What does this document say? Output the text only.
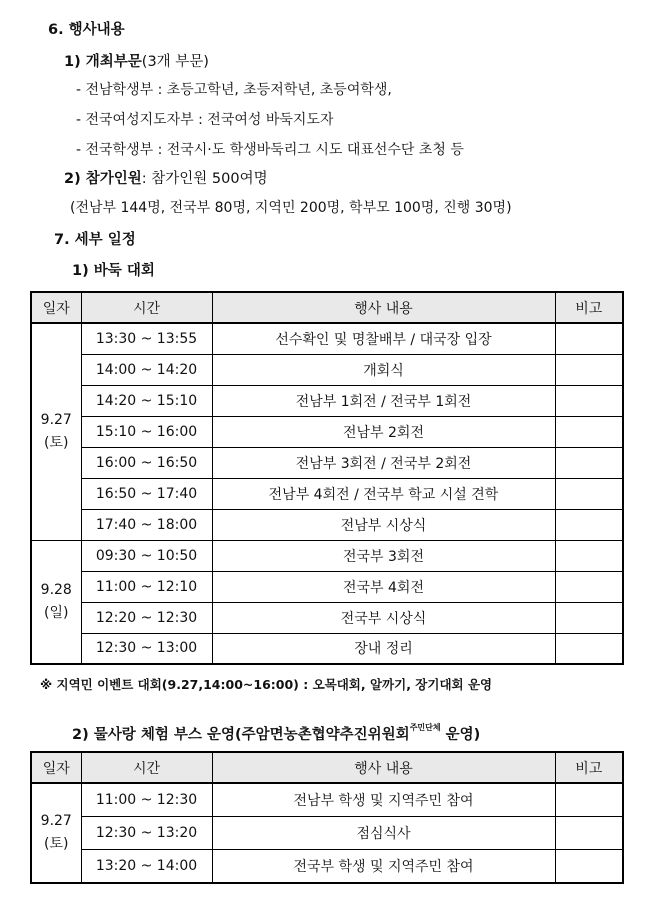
6. 행사내용
1) 개최부문(3개 부문)
- 전남학생부 : 초등고학년, 초등저학년, 초등여학생,
- 전국여성지도자부 : 전국여성 바둑지도자
- 전국학생부 : 전국시·도 학생바둑리그 시도 대표선수단 초청 등
2) 참가인원: 참가인원 500여명
(전남부 144명, 전국부 80명, 지역민 200명, 학부모 100명, 진행 30명)
7. 세부 일정
1) 바둑 대회
일자	시간	행사 내용	비고
9.27
(토)	13:30 ~ 13:55	선수확인 및 명찰배부 / 대국장 입장	
	14:00 ~ 14:20	개회식	
	14:20 ~ 15:10	전남부 1회전 / 전국부 1회전	
	15:10 ~ 16:00	전남부 2회전	
	16:00 ~ 16:50	전남부 3회전 / 전국부 2회전	
	16:50 ~ 17:40	전남부 4회전 / 전국부 학교 시설 견학	
	17:40 ~ 18:00	전남부 시상식	
9.28
(일)	09:30 ~ 10:50	전국부 3회전	
	11:00 ~ 12:10	전국부 4회전	
	12:20 ~ 12:30	전국부 시상식	
	12:30 ~ 13:00	장내 정리	
※ 지역민 이벤트 대회(9.27,14:00~16:00) : 오목대회, 알까기, 장기대회 운영
2) 물사랑 체험 부스 운영(주암면농촌협약추진위원회$^{주민단체}$ 운영)
일자	시간	행사 내용	비고
9.27
(토)	11:00 ~ 12:30	전남부 학생 및 지역주민 참여	
	12:30 ~ 13:20	점심식사	
	13:20 ~ 14:00	전국부 학생 및 지역주민 참여	
